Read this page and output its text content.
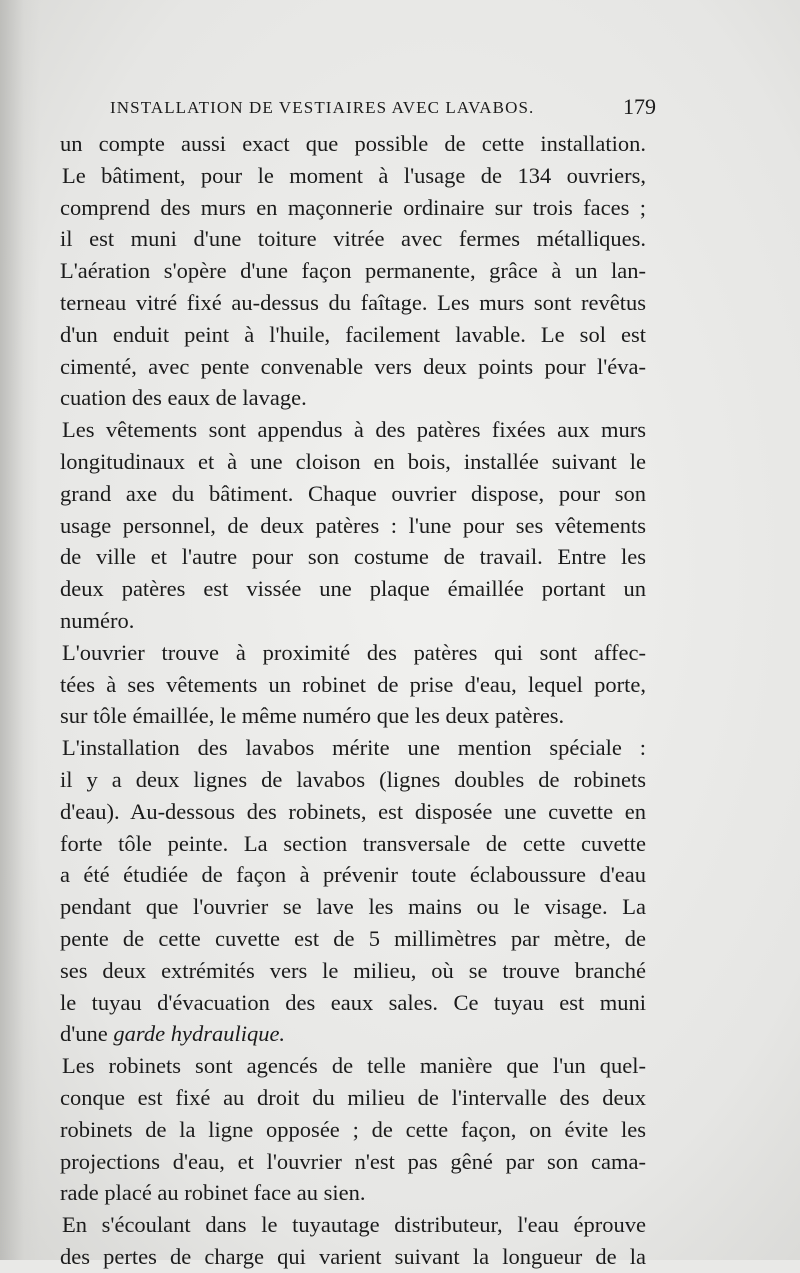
INSTALLATION DE VESTIAIRES AVEC LAVABOS.	179
un compte aussi exact que possible de cette installation.
Le bâtiment, pour le moment à l'usage de 134 ouvriers,
comprend des murs en maçonnerie ordinaire sur trois faces ;
il est muni d'une toiture vitrée avec fermes métalliques.
L'aération s'opère d'une façon permanente, grâce à un lan-
terneau vitré fixé au-dessus du faîtage. Les murs sont revêtus
d'un enduit peint à l'huile, facilement lavable. Le sol est
cimenté, avec pente convenable vers deux points pour l'éva-
cuation des eaux de lavage.
Les vêtements sont appendus à des patères fixées aux murs
longitudinaux et à une cloison en bois, installée suivant le
grand axe du bâtiment. Chaque ouvrier dispose, pour son
usage personnel, de deux patères : l'une pour ses vêtements
de ville et l'autre pour son costume de travail. Entre les
deux patères est vissée une plaque émaillée portant un
numéro.
L'ouvrier trouve à proximité des patères qui sont affec-
tées à ses vêtements un robinet de prise d'eau, lequel porte,
sur tôle émaillée, le même numéro que les deux patères.
L'installation des lavabos mérite une mention spéciale :
il y a deux lignes de lavabos (lignes doubles de robinets
d'eau). Au-dessous des robinets, est disposée une cuvette en
forte tôle peinte. La section transversale de cette cuvette
a été étudiée de façon à prévenir toute éclaboussure d'eau
pendant que l'ouvrier se lave les mains ou le visage. La
pente de cette cuvette est de 5 millimètres par mètre, de
ses deux extrémités vers le milieu, où se trouve branché
le tuyau d'évacuation des eaux sales. Ce tuyau est muni
d'une garde hydraulique.
Les robinets sont agencés de telle manière que l'un quel-
conque est fixé au droit du milieu de l'intervalle des deux
robinets de la ligne opposée ; de cette façon, on évite les
projections d'eau, et l'ouvrier n'est pas gêné par son cama-
rade placé au robinet face au sien.
En s'écoulant dans le tuyautage distributeur, l'eau éprouve
des pertes de charge qui varient suivant la longueur de la
